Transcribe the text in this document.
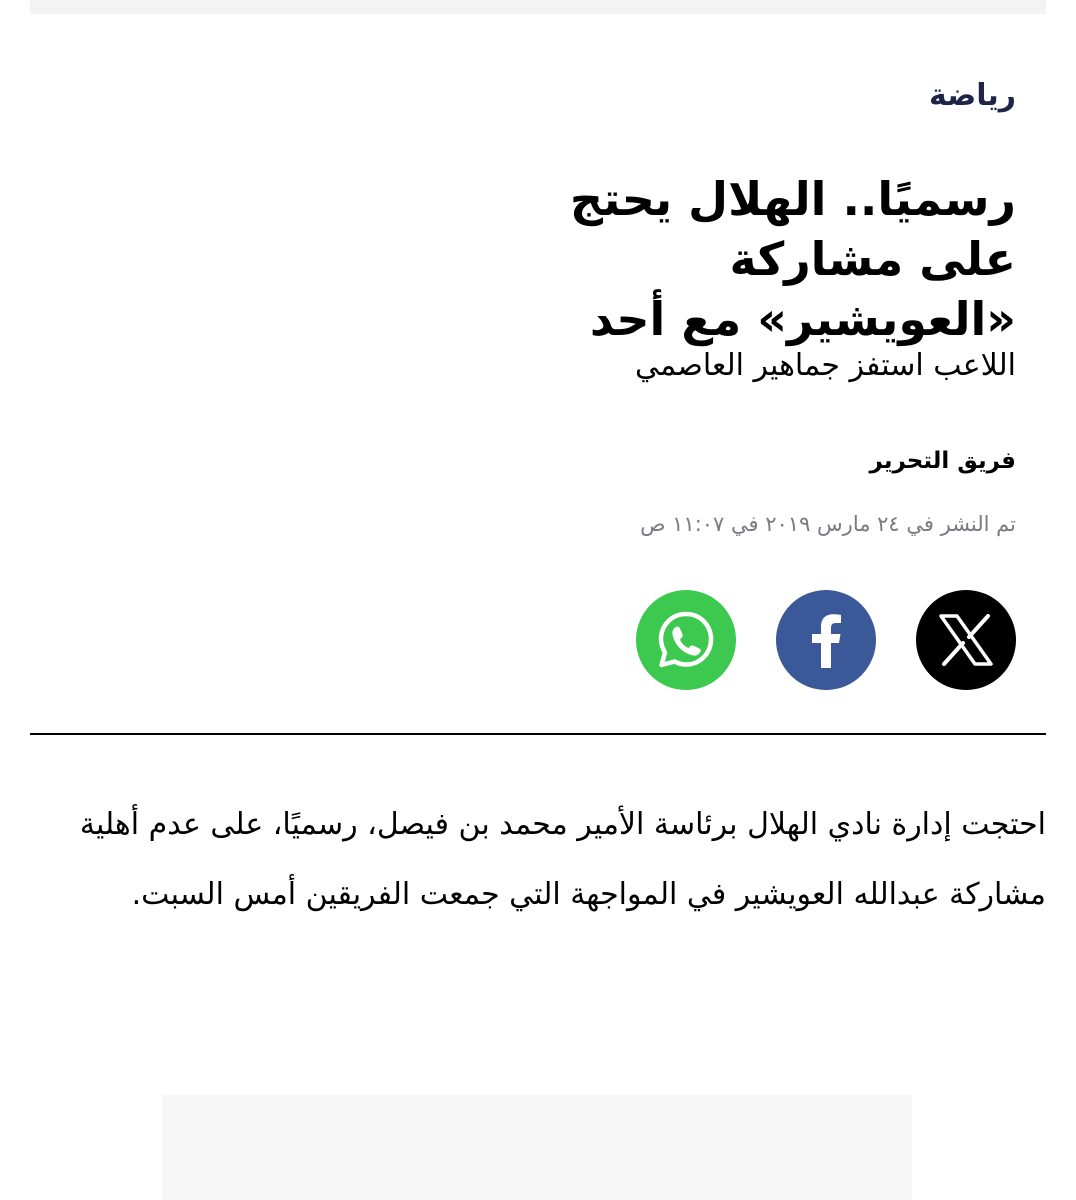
رياضة
رسميًا.. الهلال يحتج على مشاركة «العويشير» مع أحد

اللاعب استفز جماهير العاصمي

فريق التحرير

تم النشر في ٢٤ مارس ٢٠١٩ في ١١:٠٧ ص

احتجت إدارة نادي الهلال برئاسة الأمير محمد بن فيصل، رسميًا، على عدم أهلية مشاركة عبدالله العويشير في المواجهة التي جمعت الفريقين أمس السبت.
